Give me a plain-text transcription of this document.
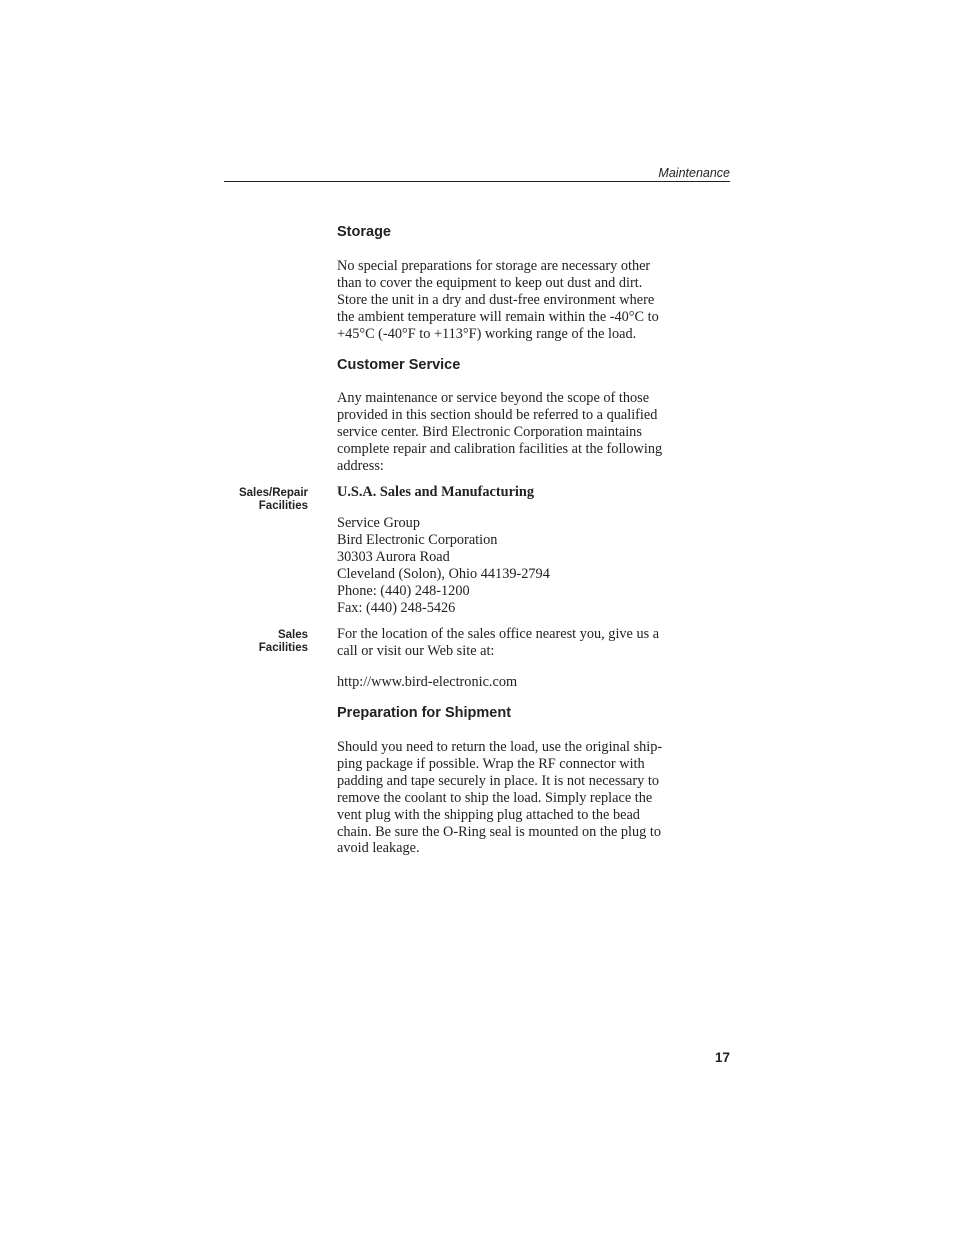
Maintenance
Storage
No special preparations for storage are necessary other
than to cover the equipment to keep out dust and dirt.
Store the unit in a dry and dust-free environment where
the ambient temperature will remain within the -40°C to
+45°C (-40°F to +113°F) working range of the load.
Customer Service
Any maintenance or service beyond the scope of those
provided in this section should be referred to a qualified
service center. Bird Electronic Corporation maintains
complete repair and calibration facilities at the following
address:
Sales/Repair
Facilities
U.S.A. Sales and Manufacturing
Service Group
Bird Electronic Corporation
30303 Aurora Road
Cleveland (Solon), Ohio 44139-2794
Phone: (440) 248-1200
Fax: (440) 248-5426
Sales
Facilities
For the location of the sales office nearest you, give us a
call or visit our Web site at:
http://www.bird-electronic.com
Preparation for Shipment
Should you need to return the load, use the original ship-
ping package if possible. Wrap the RF connector with
padding and tape securely in place. It is not necessary to
remove the coolant to ship the load. Simply replace the
vent plug with the shipping plug attached to the bead
chain. Be sure the O-Ring seal is mounted on the plug to
avoid leakage.
17
